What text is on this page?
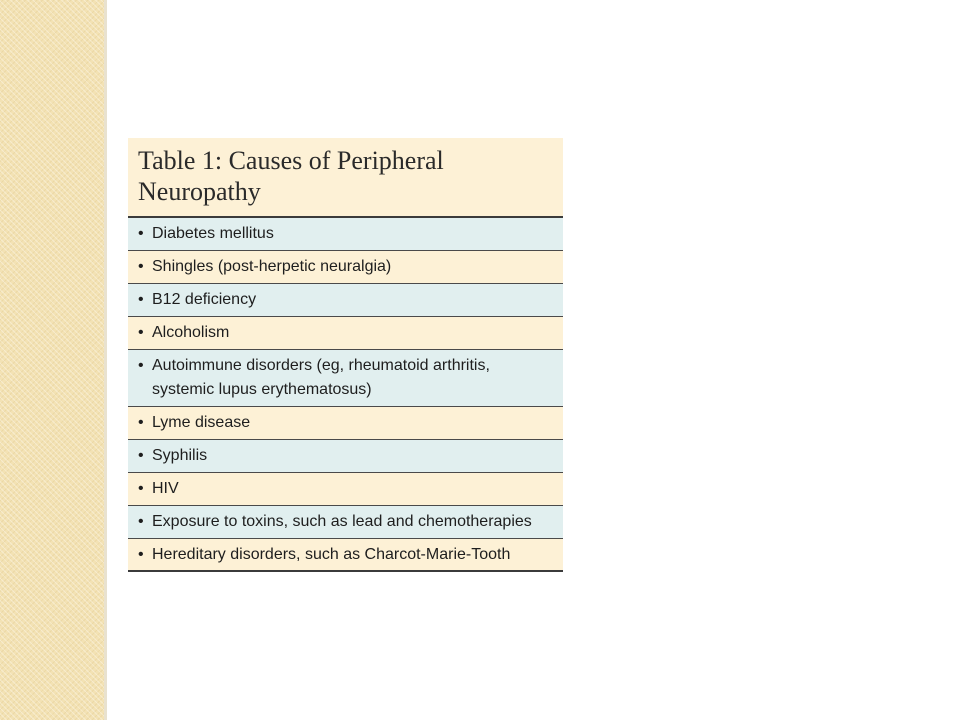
Table 1: Causes of Peripheral
Neuropathy
• Diabetes mellitus
• Shingles (post-herpetic neuralgia)
• B12 deficiency
• Alcoholism
• Autoimmune disorders (eg, rheumatoid arthritis,
systemic lupus erythematosus)
• Lyme disease
• Syphilis
• HIV
• Exposure to toxins, such as lead and chemotherapies
• Hereditary disorders, such as Charcot-Marie-Tooth
